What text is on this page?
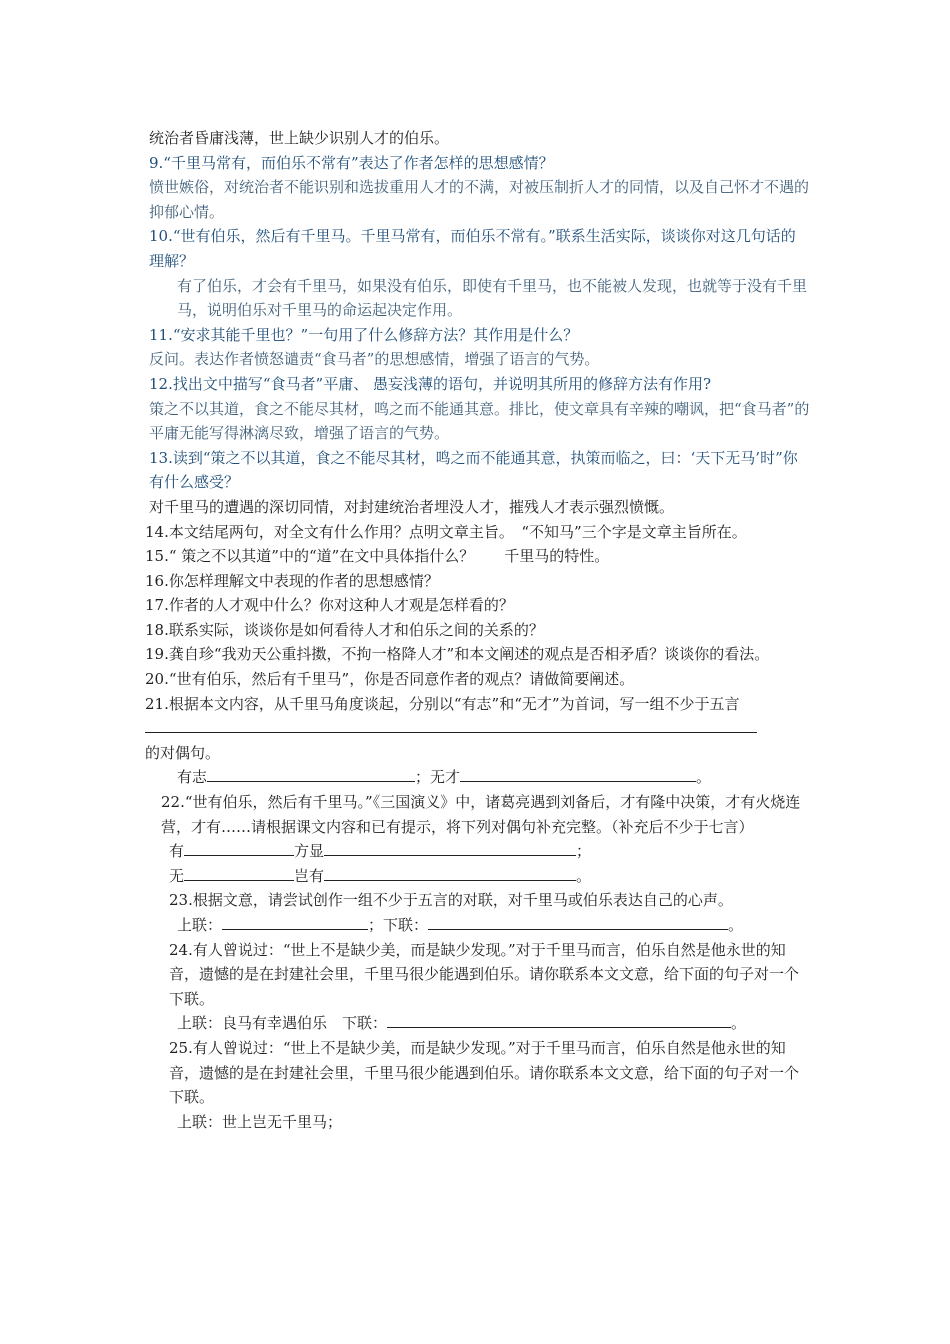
统治者昏庸浅薄，世上缺少识别人才的伯乐。

9.“千里马常有，而伯乐不常有”表达了作者怎样的思想感情？

愤世嫉俗，对统治者不能识别和选拔重用人才的不满，对被压制折人才的同情，以及自己怀才不遇的抑郁心情。

10.“世有伯乐，然后有千里马。千里马常有，而伯乐不常有。”联系生活实际，谈谈你对这几句话的理解？

有了伯乐，才会有千里马，如果没有伯乐，即使有千里马，也不能被人发现，也就等于没有千里马，说明伯乐对千里马的命运起决定作用。

11.“安求其能千里也？”一句用了什么修辞方法？其作用是什么？

反问。表达作者愤怒谴责“食马者”的思想感情，增强了语言的气势。

12.找出文中描写“食马者”平庸、 愚妄浅薄的语句，并说明其所用的修辞方法有作用?

策之不以其道，食之不能尽其材，鸣之而不能通其意。排比，使文章具有辛辣的嘲讽，把“食马者”的平庸无能写得淋漓尽致，增强了语言的气势。

13.读到“策之不以其道，食之不能尽其材，鸣之而不能通其意，执策而临之，曰：‘天下无马’时”你有什么感受？

对千里马的遭遇的深切同情，对封建统治者埋没人才，摧残人才表示强烈愤慨。

14.本文结尾两句，对全文有什么作用？点明文章主旨。　“不知马”三个字是文章主旨所在。

15.“ 策之不以其道”中的“道”在文中具体指什么？　　千里马的特性。

16.你怎样理解文中表现的作者的思想感情？

17.作者的人才观中什么？你对这种人才观是怎样看的？

18.联系实际，谈谈你是如何看待人才和伯乐之间的关系的？

19.龚自珍“我劝天公重抖擞，不拘一格降人才”和本文阐述的观点是否相矛盾？谈谈你的看法。

20.“世有伯乐，然后有千里马”，你是否同意作者的观点？请做简要阐述。

21.根据本文内容，从千里马角度谈起，分别以“有志”和“无才”为首词，写一组不少于五言

的对偶句。

有志	；无才	。

22.“世有伯乐，然后有千里马。”《三国演义》中，诸葛亮遇到刘备后，才有隆中决策，才有火烧连营，才有……请根据课文内容和已有提示，将下列对偶句补充完整。（补充后不少于七言）

有	方显	；

无	岂有	。

23.根据文意，请尝试创作一组不少于五言的对联，对千里马或伯乐表达自己的心声。

上联：	；下联：	。

24.有人曾说过：“世上不是缺少美，而是缺少发现。”对于千里马而言，伯乐自然是他永世的知音，遗憾的是在封建社会里，千里马很少能遇到伯乐。请你联系本文文意，给下面的句子对一个下联。

上联：良马有幸遇伯乐　下联：	。

25.有人曾说过：“世上不是缺少美，而是缺少发现。”对于千里马而言，伯乐自然是他永世的知音，遗憾的是在封建社会里，千里马很少能遇到伯乐。请你联系本文文意，给下面的句子对一个下联。

上联：世上岂无千里马；
